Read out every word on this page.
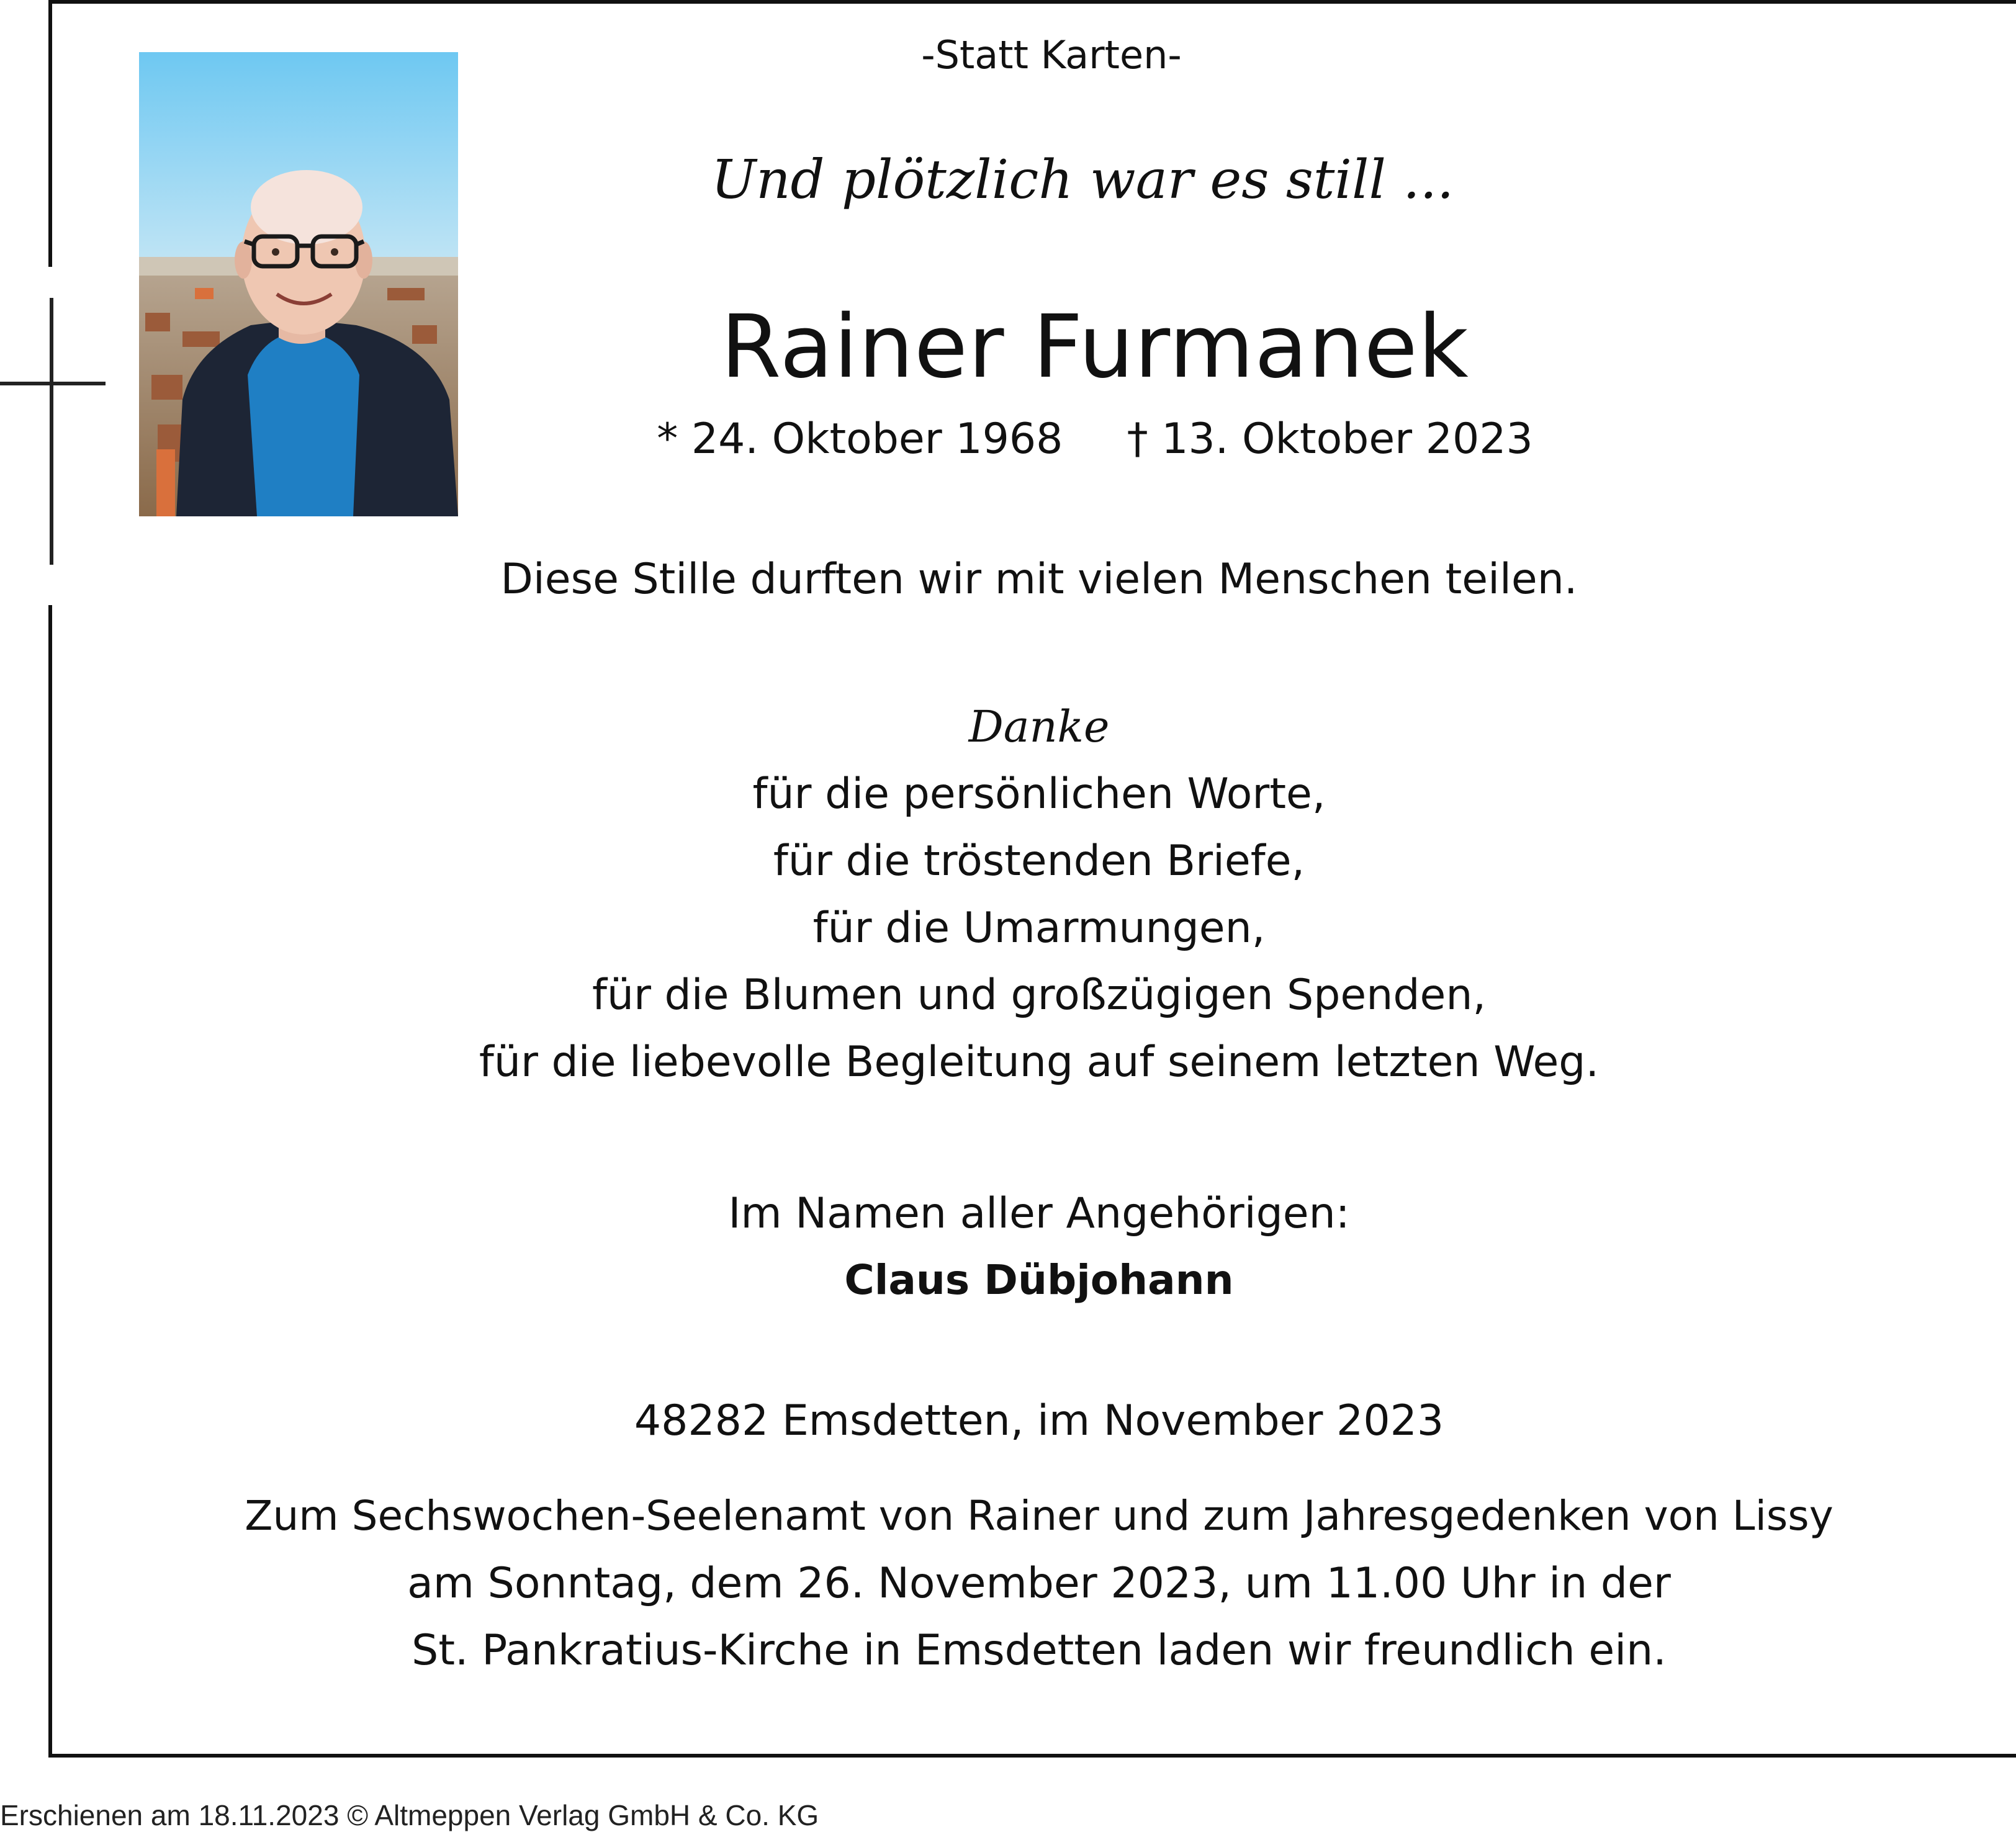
-Statt Karten-
Und plötzlich war es still ...
Rainer Furmanek
* 24. Oktober 1968 † 13. Oktober 2023
Diese Stille durften wir mit vielen Menschen teilen.
Danke
für die persönlichen Worte,
für die tröstenden Briefe,
für die Umarmungen,
für die Blumen und großzügigen Spenden,
für die liebevolle Begleitung auf seinem letzten Weg.
Im Namen aller Angehörigen:
Claus Dübjohann
48282 Emsdetten, im November 2023
Zum Sechswochen-Seelenamt von Rainer und zum Jahresgedenken von Lissy
am Sonntag, dem 26. November 2023, um 11.00 Uhr in der
St. Pankratius-Kirche in Emsdetten laden wir freundlich ein.
Erschienen am 18.11.2023 © Altmeppen Verlag GmbH & Co. KG
